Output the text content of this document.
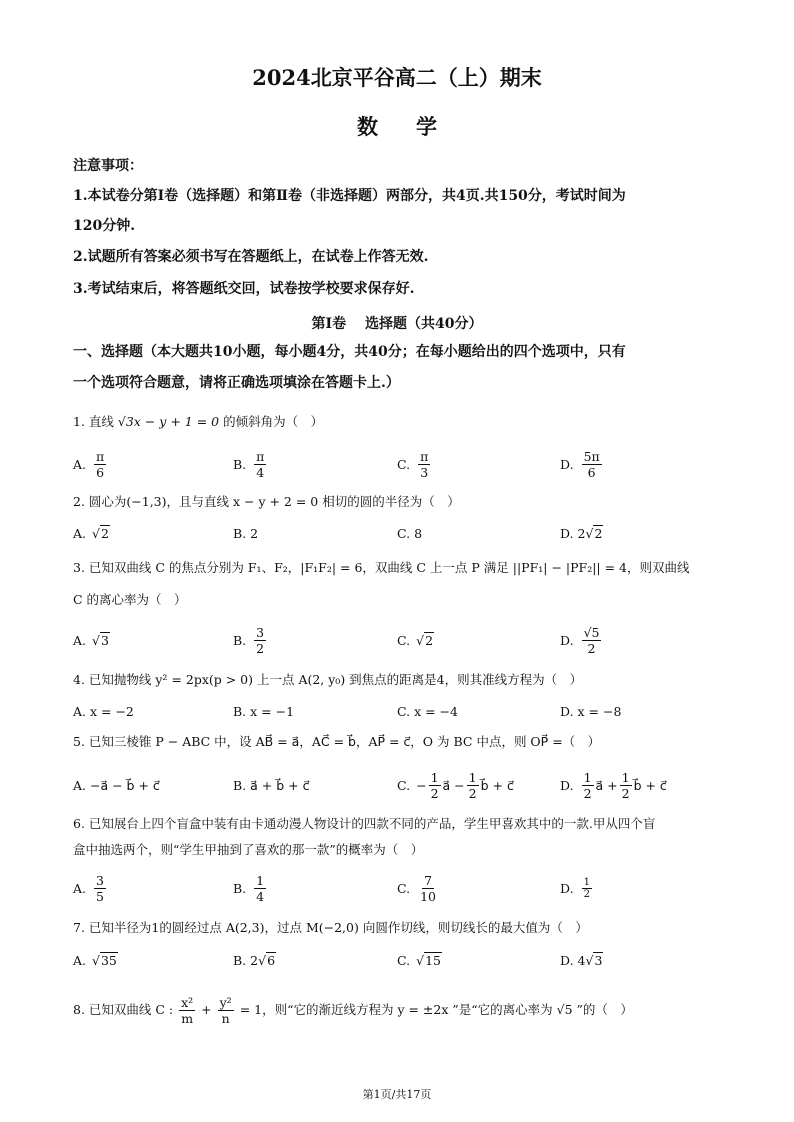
2024北京平谷高二（上）期末
数学
注意事项：
1.本试卷分第Ⅰ卷（选择题）和第Ⅱ卷（非选择题）两部分，共4页.共150分，考试时间为
120分钟.
2.试题所有答案必须书写在答题纸上，在试卷上作答无效.
3.考试结束后，将答题纸交回，试卷按学校要求保存好.
第Ⅰ卷 选择题（共40分）
一、选择题（本大题共10小题，每小题4分，共40分；在每小题给出的四个选项中，只有
一个选项符合题意，请将正确选项填涂在答题卡上.）
1. 直线 √3x − y + 1 = 0 的倾斜角为（　）
A. $\frac{\pi}{6}$	B. $\frac{\pi}{4}$	C. $\frac{\pi}{3}$	D. $\frac{5\pi}{6}$
2. 圆心为(−1,3)，且与直线 x − y + 2 = 0 相切的圆的半径为（　）
A. √2	B. 2	C. 8	D. 2 √2
3. 已知双曲线 C 的焦点分别为 F₁、F₂，|F₁F₂| = 6，双曲线 C 上一点 P 满足 ||PF₁| − |PF₂|| = 4，则双曲线
C 的离心率为（　）
A. √3	B. $\frac{3}{2}$	C. √2	D. $\frac{√5}{2}$
4. 已知抛物线 y² = 2px(p > 0) 上一点 A(2, y₀) 到焦点的距离是4，则其准线方程为（　）
A. x = −2	B. x = −1	C. x = −4	D. x = −8
5. 已知三棱锥 P − ABC 中，设 AB⃗ = a⃗，AC⃗ = b⃗，AP⃗ = c⃗，O 为 BC 中点，则 OP⃗ =（　）
A. −a⃗ − b⃗ + c⃗	B. a⃗ + b⃗ + c⃗	C. − $\frac{1}{2}$ a⃗ − $\frac{1}{2}$ b⃗ + c⃗	D. $\frac{1}{2}$ a⃗ + $\frac{1}{2}$ b⃗ + c⃗
6. 已知展台上四个盲盒中装有由卡通动漫人物设计的四款不同的产品，学生甲喜欢其中的一款.甲从四个盲
盒中抽选两个，则“学生甲抽到了喜欢的那一款”的概率为（　）
A. $\frac{3}{5}$	B. $\frac{1}{4}$	C. $\frac{7}{10}$	D. $\frac{1}{2}$
7. 已知半径为1的圆经过点 A(2,3)，过点 M(−2,0) 向圆作切线，则切线长的最大值为（　）
A. √35	B. 2 √6	C. √15	D. 4 √3
8. 已知双曲线 C : $\frac{\text{x²}}{m} + \frac{\text{y²}}{n} = 1$，则“它的渐近线方程为 y = ±2x ”是“它的离心率为 √5 ”的（　）
第1页/共17页
